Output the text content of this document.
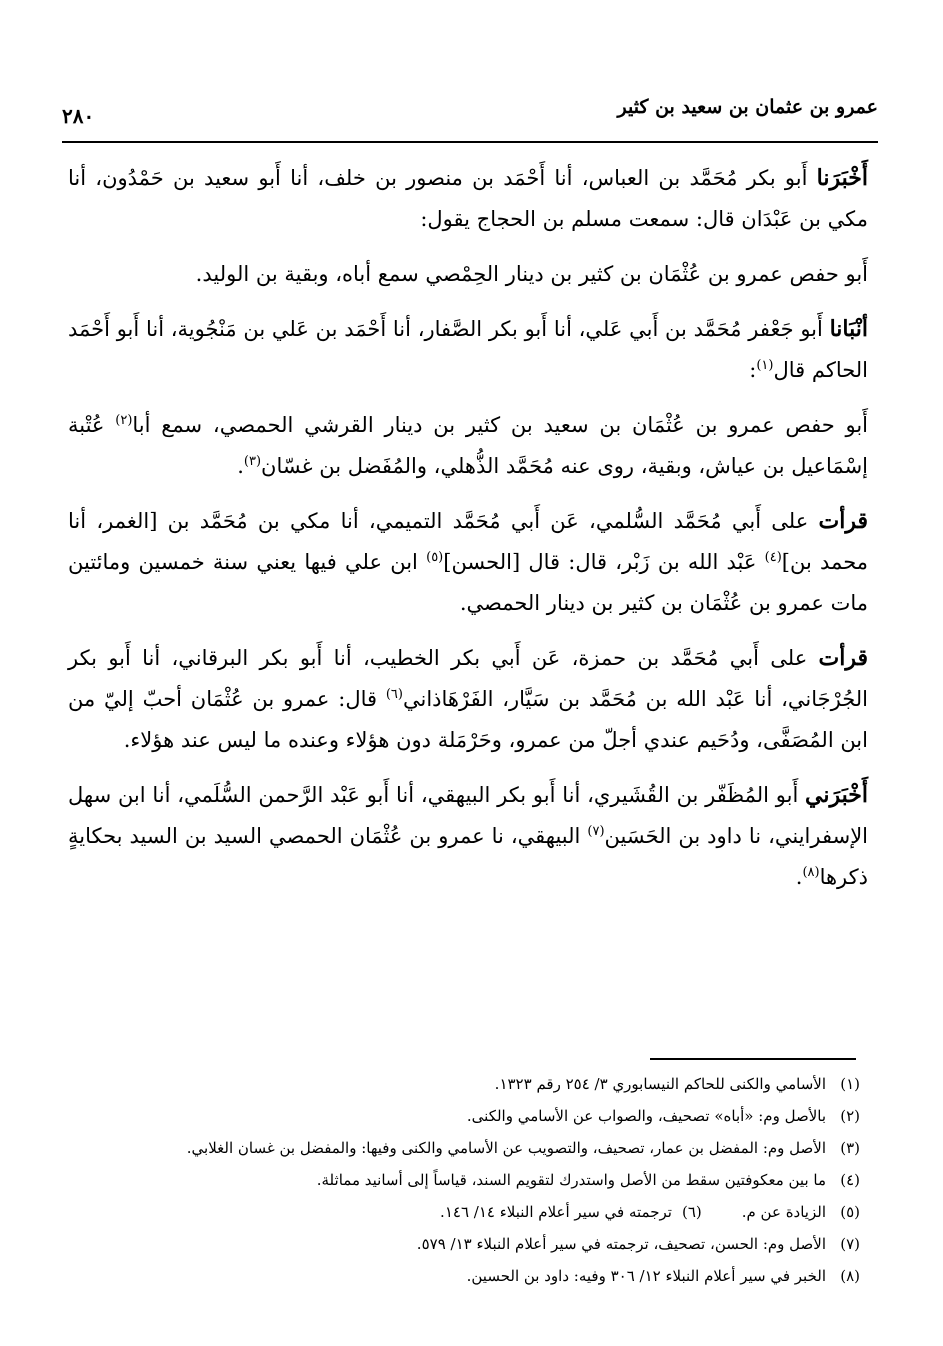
عمرو بن عثمان بن سعيد بن كثير
٢٨٠

أَخْبَرَنا أَبو بكر مُحَمَّد بن العباس، أنا أَحْمَد بن منصور بن خلف، أنا أَبو سعيد بن حَمْدُون، أنا مكي بن عَبْدَان قال: سمعت مسلم بن الحجاج يقول:

أَبو حفص عمرو بن عُثْمَان بن كثير بن دينار الحِمْصي سمع أباه، وبقية بن الوليد.

أنْبَانا أَبو جَعْفر مُحَمَّد بن أَبي عَلي، أنا أَبو بكر الصَّفار، أنا أَحْمَد بن عَلي بن مَنْجُوية، أنا أَبو أَحْمَد الحاكم قال$^{(١)}$:

أَبو حفص عمرو بن عُثْمَان بن سعيد بن كثير بن دينار القرشي الحمصي، سمع أبا$^{(٢)}$ عُتْبة إسْمَاعيل بن عياش، وبقية، روى عنه مُحَمَّد الذُّهلي، والمُفَضل بن غسّان$^{(٣)}$.

قرأت على أَبي مُحَمَّد السُّلمي، عَن أَبي مُحَمَّد التميمي، أنا مكي بن مُحَمَّد بن [الغمر، أنا محمد بن]$^{(٤)}$ عَبْد الله بن زَبْر، قال: قال [الحسن]$^{(٥)}$ ابن علي فيها يعني سنة خمسين ومائتين مات عمرو بن عُثْمَان بن كثير بن دينار الحمصي.

قرأت على أَبي مُحَمَّد بن حمزة، عَن أَبي بكر الخطيب، أنا أَبو بكر البرقاني، أنا أَبو بكر الجُرْجَاني، أنا عَبْد الله بن مُحَمَّد بن سَيَّار، الفَرْهَاذاني$^{(٦)}$ قال: عمرو بن عُثْمَان أحبّ إليّ من ابن المُصَفَّى، ودُحَيم عندي أجلّ من عمرو، وحَرْمَلة دون هؤلاء وعنده ما ليس عند هؤلاء.

أَخْبَرَني أَبو المُظَفّر بن القُشَيري، أنا أَبو بكر البيهقي، أنا أَبو عَبْد الرَّحمن السُّلَمي، أنا ابن سهل الإسفرايني، نا داود بن الحَسَين$^{(٧)}$ البيهقي، نا عمرو بن عُثْمَان الحمصي السيد بن السيد بحكايةٍ ذكرها$^{(٨)}$.

(١)
الأسامي والكنى للحاكم النيسابوري ٣/ ٢٥٤ رقم ١٣٢٣.
(٢)
بالأصل وم: «أباه» تصحيف، والصواب عن الأسامي والكنى.
(٣)
الأصل وم: المفضل بن عمار، تصحيف، والتصويب عن الأسامي والكنى وفيها: والمفضل بن غسان الغلابي.
(٤)
ما بين معكوفتين سقط من الأصل واستدرك لتقويم السند، قياساً إلى أسانيد مماثلة.
(٥)
الزيادة عن م.
(٦)
ترجمته في سير أعلام النبلاء ١٤/ ١٤٦.
(٧)
الأصل وم: الحسن، تصحيف، ترجمته في سير أعلام النبلاء ١٣/ ٥٧٩.
(٨)
الخبر في سير أعلام النبلاء ١٢/ ٣٠٦ وفيه: داود بن الحسين.
